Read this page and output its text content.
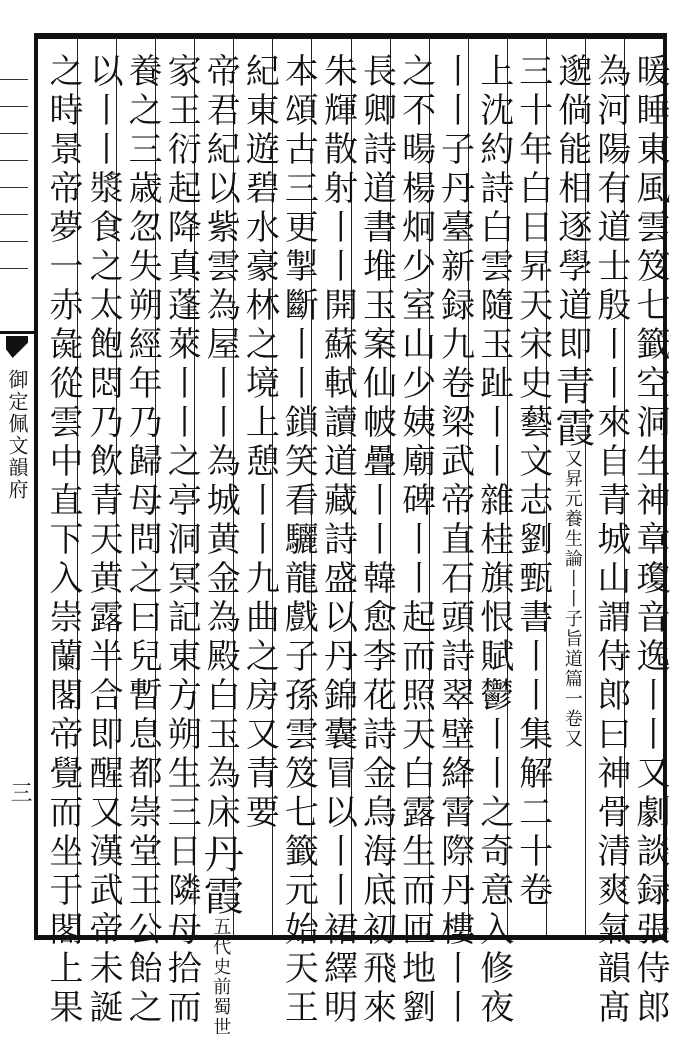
御定佩文韻府
三	暖睡東風雲笈七籤空洞生神章瓊音逸丨丨又劇談録張侍郎
為河陽有道士殷丨丨來自青城山謂侍郎曰神骨清爽氣韻髙
邈倘能相逐學道即青霞又昇元養生論丨丨子旨道篇一卷又
三十年白日昇天宋史藝文志劉甄書丨丨集解二十卷
上沈約詩白雲隨玉趾丨丨雜桂旗恨賦鬱丨丨之奇意入修夜
丨丨子丹臺新録九卷梁武帝直石頭詩翠壁絳霄際丹樓丨丨
之不暘楊炯少室山少姨廟碑丨丨起而照天白露生而匝地劉
長卿詩道書堆玉案仙帔疊丨丨韓愈李花詩金烏海底初飛來
朱輝散射丨丨開蘇軾讀道藏詩盛以丹錦囊冒以丨丨裙繹明
本頌古三更掣斷丨丨鎖笑看驪龍戲子孫雲笈七籤元始天王
紀東遊碧水豪林之境上憩丨丨九曲之房又青要
帝君紀以紫雲為屋丨丨為城黄金為殿白玉為床丹霞五代史前蜀世
家王衍起降真蓬萊丨丨之亭洞冥記東方朔生三日隣母拾而
養之三歳忽失朔經年乃歸母問之曰兒暫息都崇堂王公飴之
以丨丨漿食之太飽悶乃飲青天黄露半合即醒又漢武帝未誕
之時景帝夢一赤彘從雲中直下入崇蘭閣帝覺而坐于閣上果
